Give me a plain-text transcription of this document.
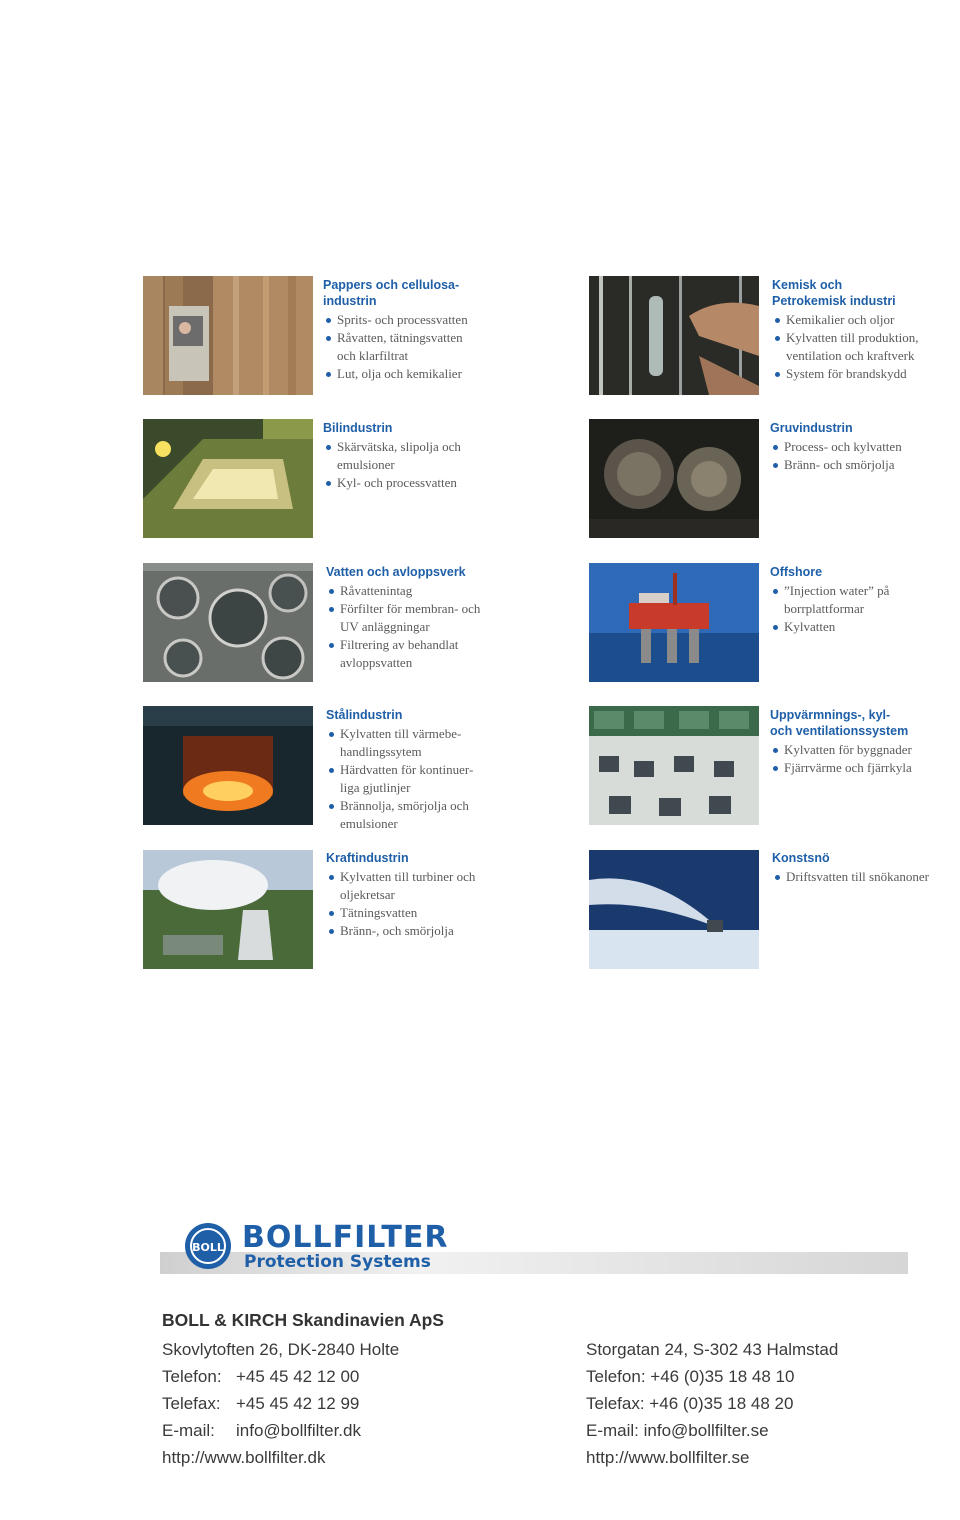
Pappers och cellulosa-
industrin
Sprits- och processvatten
Råvatten, tätningsvatten
och klarfiltrat
Lut, olja och kemikalier
Kemisk och
Petrokemisk industri
Kemikalier och oljor
Kylvatten till produktion,
ventilation och kraftverk
System för brandskydd
Bilindustrin
Skärvätska, slipolja och
emulsioner
Kyl- och processvatten
Gruvindustrin
Process- och kylvatten
Bränn- och smörjolja
Vatten och avloppsverk
Råvattenintag
Förfilter för membran- och
UV anläggningar
Filtrering av behandlat
avloppsvatten
Offshore
”Injection water” på
borrplattformar
Kylvatten
Stålindustrin
Kylvatten till värmebe-
handlingssytem
Härdvatten för kontinuer-
liga gjutlinjer
Brännolja, smörjolja och
emulsioner
Uppvärmnings-, kyl-
och ventilationssystem
Kylvatten för byggnader
Fjärrvärme och fjärrkyla
Kraftindustrin
Kylvatten till turbiner och
oljekretsar
Tätningsvatten
Bränn-, och smörjolja
Konstsnö
Driftsvatten till snökanoner
BOLL BOLLFILTER
Protection Systems
BOLL & KIRCH Skandinavien ApS
Skovlytoften 26, DK-2840 Holte
Telefon: +45 45 42 12 00
Telefax: +45 45 42 12 99
E-mail: info@bollfilter.dk
http://www.bollfilter.dk
Storgatan 24, S-302 43 Halmstad
Telefon: +46 (0)35 18 48 10
Telefax: +46 (0)35 18 48 20
E-mail: info@bollfilter.se
http://www.bollfilter.se
